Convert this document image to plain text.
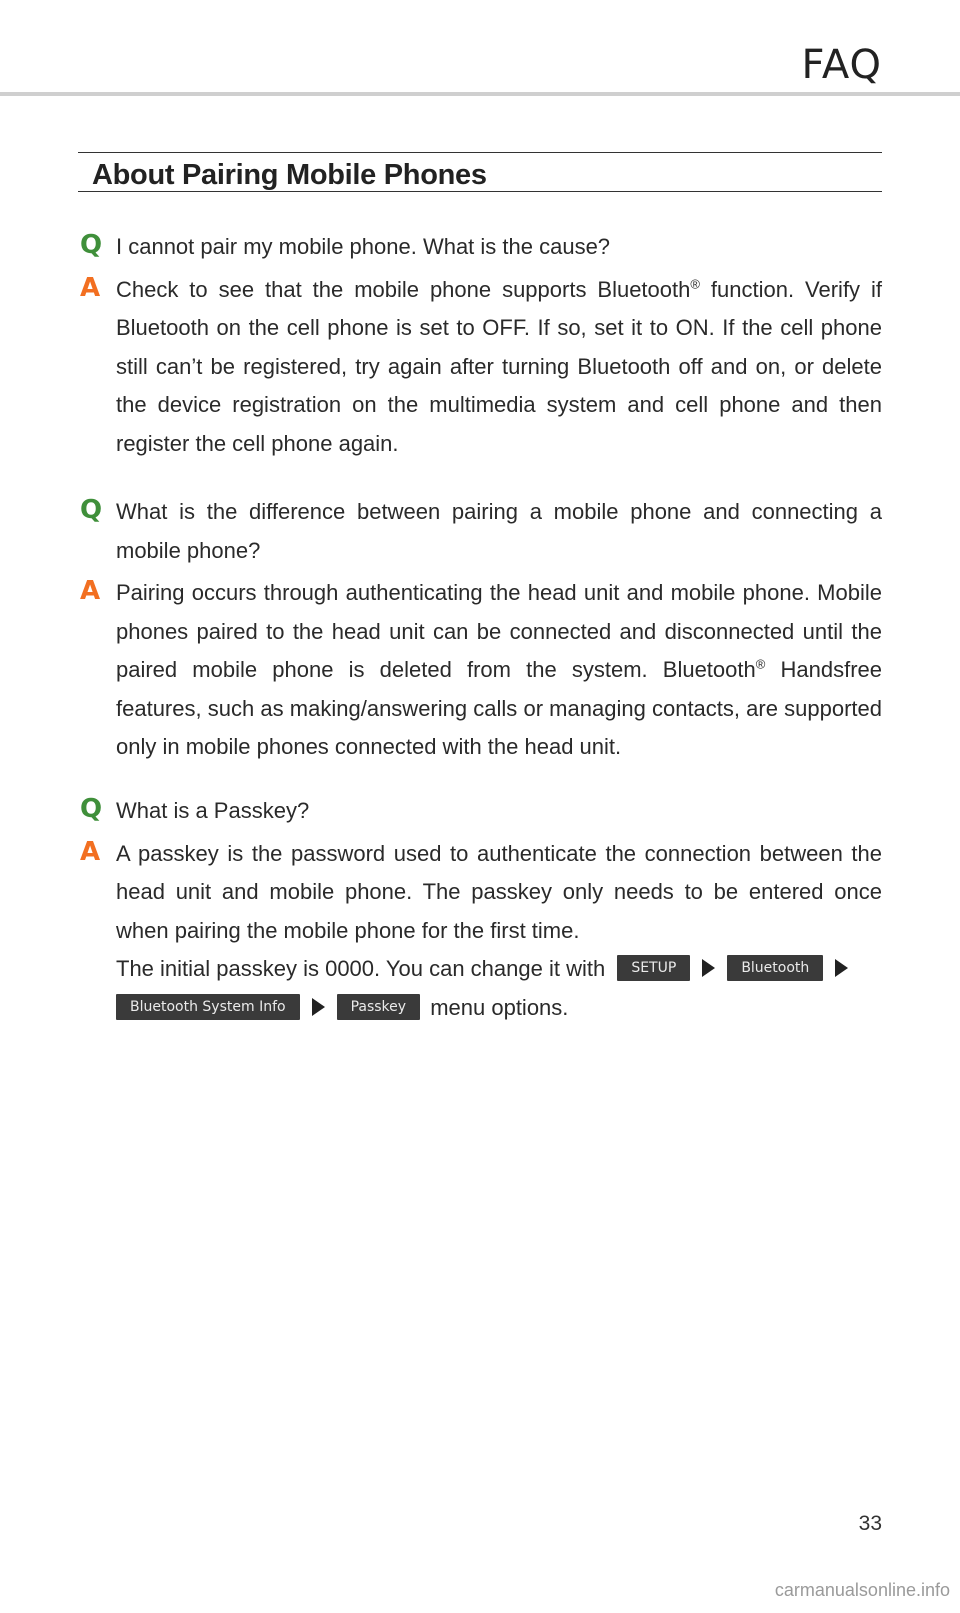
FAQ
About Pairing Mobile Phones
Q I cannot pair my mobile phone. What is the cause?
A Check to see that the mobile phone supports Bluetooth® function. Verify if Bluetooth on the cell phone is set to OFF. If so, set it to ON. If the cell phone still can’t be registered, try again after turning Bluetooth off and on, or delete the device registration on the multimedia system and cell phone and then register the cell phone again.
Q What is the difference between pairing a mobile phone and connecting a mobile phone?
A Pairing occurs through authenticating the head unit and mobile phone. Mobile phones paired to the head unit can be connected and disconnected until the paired mobile phone is deleted from the system. Bluetooth® Handsfree features, such as making/answering calls or managing contacts, are supported only in mobile phones connected with the head unit.
Q What is a Passkey?
A A passkey is the password used to authenticate the connection between the head unit and mobile phone. The passkey only needs to be entered once when pairing the mobile phone for the first time.
The initial passkey is 0000. You can change it with SETUP	Bluetooth
Bluetooth System Info	Passkey menu options.
33
carmanualsonline.info
